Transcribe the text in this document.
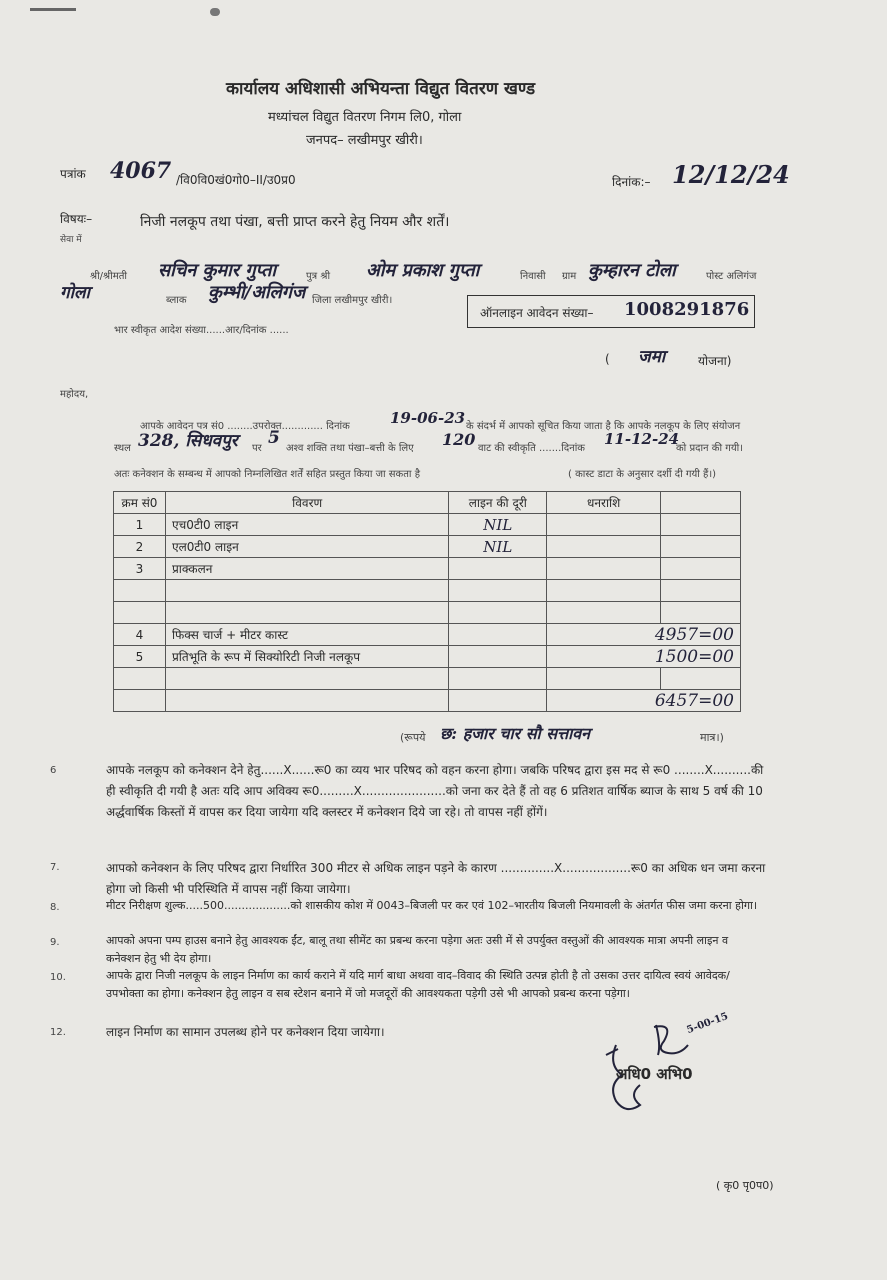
कार्यालय अधिशासी अभियन्ता विद्युत वितरण खण्ड
मध्यांचल विद्युत वितरण निगम लि0, गोला
जनपद– लखीमपुर खीरी।
पत्रांक 4067 /वि0वि0खं0गो0–II/उ0प्र0	दिनांक:– 12/12/24
विषयः–	निजी नलकूप तथा पंखा, बत्ती प्राप्त करने हेतु नियम और शर्तें।
सेवा में
श्री/श्रीमती सचिन कुमार गुप्ता	पुत्र श्री ओम प्रकाश गुप्ता	निवासी ग्राम कुम्हारन टोला	पोस्ट अलिगंज
गोला	ब्लाक कुम्भी/अलिगंज जिला लखीमपुर खीरी।
ऑनलाइन आवेदन संख्या– 1008291876
भार स्वीकृत आदेश संख्या......आर/दिनांक ......
( जमा	योजना)
महोदय,
आपके आवेदन पत्र सं0 ........उपरोक्त............. दिनांक	19-06-23 के संदर्भ में आपको सूचित किया जाता है कि आपके नलकूप के लिए संयोजन
स्थल 328, सिधवपुर पर
5
अश्व शक्ति तथा पंखा–बत्ती के लिए 120 वाट की स्वीकृति .......दिनांक
11-12-24
को प्रदान की गयी।
अतः कनेक्शन के सम्बन्ध में आपको निम्नलिखित शर्तें सहित प्रस्तुत किया जा सकता है	( कास्ट डाटा के अनुसार दर्शी दी गयी हैं।)
क्रम सं0	विवरण	लाइन की दूरी	धनराशि	
1	एच0टी0 लाइन	NIL		
2	एल0टी0 लाइन	NIL		
3	प्राक्कलन			

4	फिक्स चार्ज + मीटर कास्ट		4957=00	
5	प्रतिभूति के रूप में सिक्योरिटी निजी नलकूप		1500=00	

			6457=00	
(रूपये छ: हजार चार सौ सत्तावन	मात्र।)
6	आपके नलकूप को कनेक्शन देने हेतु......X......रू0 का व्यय भार परिषद को वहन करना होगा। जबकि परिषद द्वारा इस मद से रू0 ........X..........की ही स्वीकृति दी गयी है अतः यदि आप अविक्य रू0.........X......................को जना कर देते हैं तो वह 6 प्रतिशत वार्षिक ब्याज के साथ 5 वर्ष की 10 अर्द्धवार्षिक किस्तों में वापस कर दिया जायेगा यदि क्लस्टर में कनेक्शन दिये जा रहे। तो वापस नहीं होंगें।
7.	आपको कनेक्शन के लिए परिषद द्वारा निर्धारित 300 मीटर से अधिक लाइन पड़ने के कारण ..............X..................रू0 का अधिक धन जमा करना होगा जो किसी भी परिस्थिति में वापस नहीं किया जायेगा।
8.	मीटर निरीक्षण शुल्क.....500...................को शासकीय कोश में 0043–बिजली पर कर एवं 102–भारतीय बिजली नियमावली के अंतर्गत फीस जमा करना होगा।
9.	आपको अपना पम्प हाउस बनाने हेतु आवश्यक ईंट, बालू तथा सीमेंट का प्रबन्ध करना पड़ेगा अतः उसी में से उपर्युक्त वस्तुओं की आवश्यक मात्रा अपनी लाइन व कनेक्शन हेतु भी देय होगा।
10.	आपके द्वारा निजी नलकूप के लाइन निर्माण का कार्य कराने में यदि मार्ग बाधा अथवा वाद–विवाद की स्थिति उत्पन्न होती है तो उसका उत्तर दायित्व स्वयं आवेदक/उपभोक्ता का होगा। कनेक्शन हेतु लाइन व सब स्टेशन बनाने में जो मजदूरों की आवश्यकता पड़ेगी उसे भी आपको प्रबन्ध करना पड़ेगा।
12.	लाइन निर्माण का सामान उपलब्ध होने पर कनेक्शन दिया जायेगा।	5-00-15
अधि0 अभि0
( कृ0 पृ0प0)
